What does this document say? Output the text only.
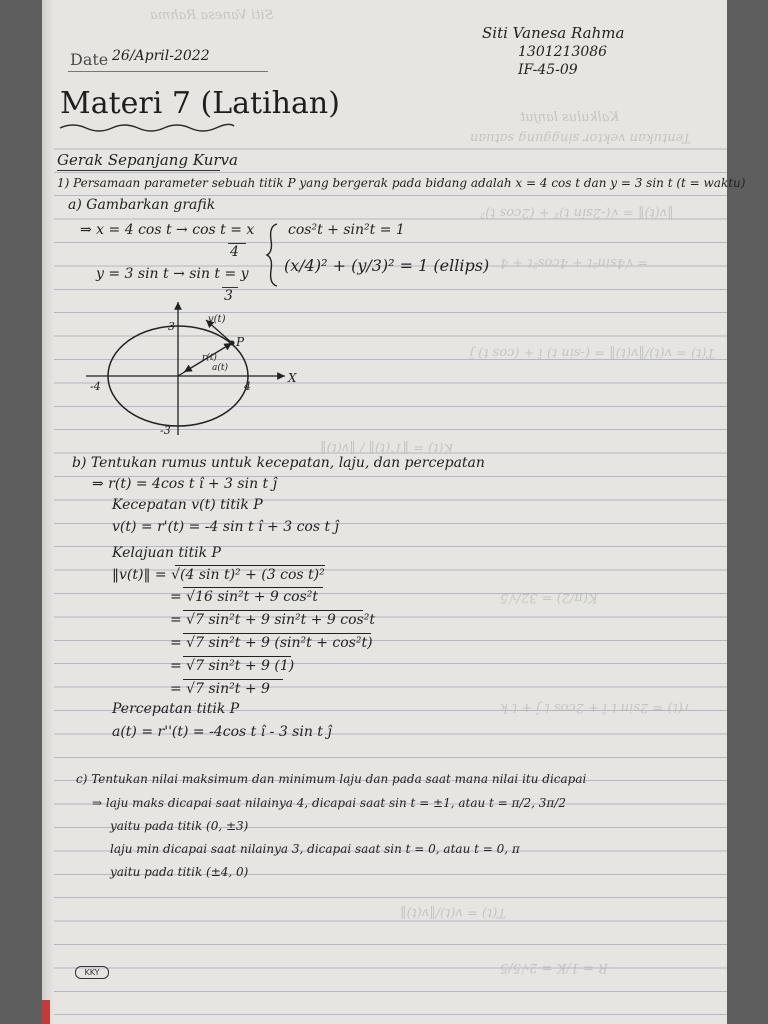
Siti Vanesa Rahma
Kalkulus lanjut
Tentukan vektor singgung satuan
‖v(t)‖ = √(-2sin t)² + (2cos t)²
= √4sin²t + 4cos²t + 4
T(t) = v(t)/‖v(t)‖ = (-sin t) î + (cos t) ĵ
K(t) = ‖T'(t)‖ / ‖v(t)‖
K(π/2) = 32/√5
r(t) = 2sin t î + 2cos t ĵ + t k
T(t) = v(t)/‖v(t)‖
R = 1/K = 2√5/5
Date 26/April-2022
Siti Vanesa Rahma
1301213086
IF-45-09
Materi 7 (Latihan)
Gerak Sepanjang Kurva
1) Persamaan parameter sebuah titik P yang bergerak pada bidang adalah x = 4 cos t dan y = 3 sin t (t = waktu)
a) Gambarkan grafik
⇒ x = 4 cos t → cos t = x
4
y = 3 sin t → sin t = y
3
cos²t + sin²t = 1
(x/4)² + (y/3)² = 1 (ellips)
3
-3
-4	4
X
v(t)
r(t)
P
a(t)
b) Tentukan rumus untuk kecepatan, laju, dan percepatan
⇒ r(t) = 4cos t î + 3 sin t ĵ
Kecepatan v(t) titik P
v(t) = r'(t) = -4 sin t î + 3 cos t ĵ
Kelajuan titik P
‖v(t)‖ = √(4 sin t)² + (3 cos t)²
= √16 sin²t + 9 cos²t
= √7 sin²t + 9 sin²t + 9 cos²t
= √7 sin²t + 9 (sin²t + cos²t)
= √7 sin²t + 9 (1)
= √7 sin²t + 9
Percepatan titik P
a(t) = r''(t) = -4cos t î - 3 sin t ĵ
c) Tentukan nilai maksimum dan minimum laju dan pada saat mana nilai itu dicapai
⇒ laju maks dicapai saat nilainya 4, dicapai saat sin t = ±1, atau t = π/2, 3π/2
yaitu pada titik (0, ±3)
laju min dicapai saat nilainya 3, dicapai saat sin t = 0, atau t = 0, π
yaitu pada titik (±4, 0)
KKY
